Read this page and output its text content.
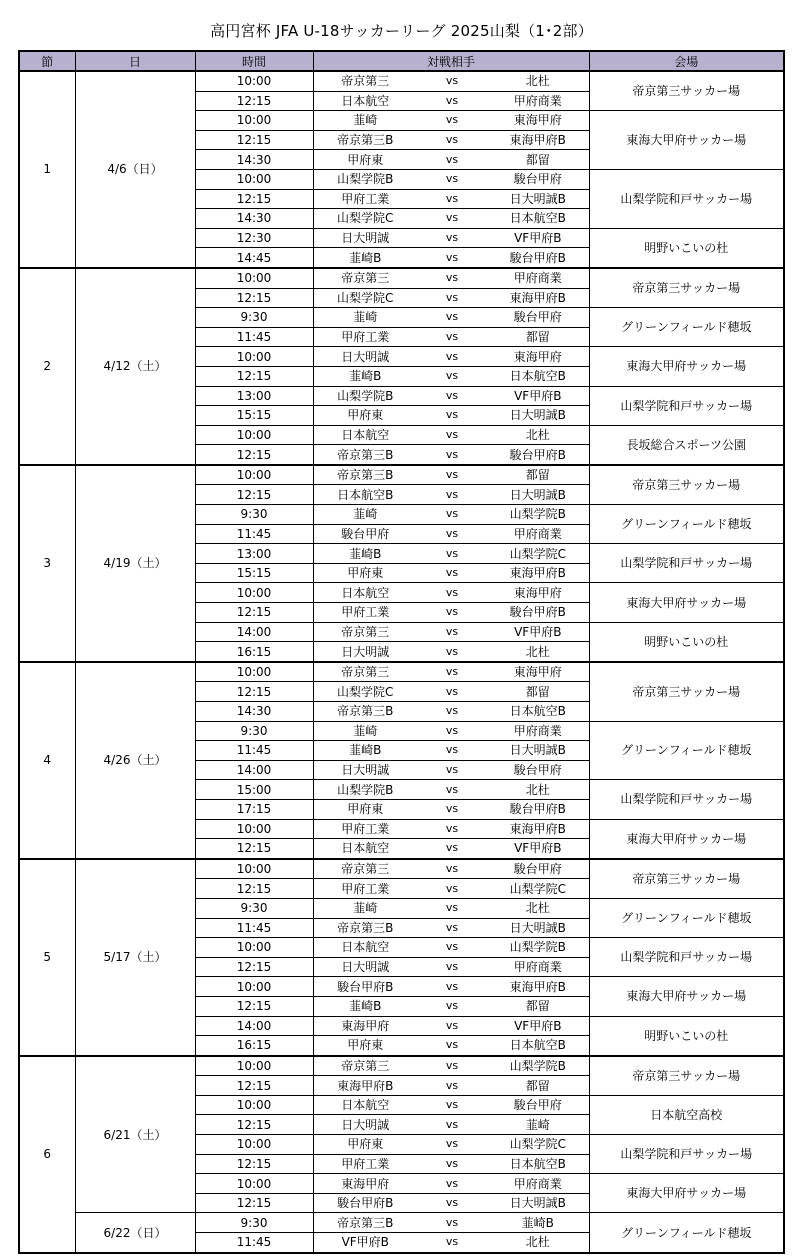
高円宮杯 JFA U-18サッカーリーグ 2025山梨（1･2部）
節	日	時間	対戦相手			会場
1	4/6（日）	10:00	帝京第三	vs	北杜	帝京第三サッカー場
		12:15	日本航空	vs	甲府商業	
		10:00	韮崎	vs	東海甲府	東海大甲府サッカー場
		12:15	帝京第三B	vs	東海甲府B	
		14:30	甲府東	vs	都留	
		10:00	山梨学院B	vs	駿台甲府	山梨学院和戸サッカー場
		12:15	甲府工業	vs	日大明誠B	
		14:30	山梨学院C	vs	日本航空B	
		12:30	日大明誠	vs	VF甲府B	明野いこいの杜
		14:45	韮崎B	vs	駿台甲府B	
2	4/12（土）	10:00	帝京第三	vs	甲府商業	帝京第三サッカー場
		12:15	山梨学院C	vs	東海甲府B	
		9:30	韮崎	vs	駿台甲府	グリーンフィールド穂坂
		11:45	甲府工業	vs	都留	
		10:00	日大明誠	vs	東海甲府	東海大甲府サッカー場
		12:15	韮崎B	vs	日本航空B	
		13:00	山梨学院B	vs	VF甲府B	山梨学院和戸サッカー場
		15:15	甲府東	vs	日大明誠B	
		10:00	日本航空	vs	北杜	長坂総合スポーツ公園
		12:15	帝京第三B	vs	駿台甲府B	
3	4/19（土）	10:00	帝京第三B	vs	都留	帝京第三サッカー場
		12:15	日本航空B	vs	日大明誠B	
		9:30	韮崎	vs	山梨学院B	グリーンフィールド穂坂
		11:45	駿台甲府	vs	甲府商業	
		13:00	韮崎B	vs	山梨学院C	山梨学院和戸サッカー場
		15:15	甲府東	vs	東海甲府B	
		10:00	日本航空	vs	東海甲府	東海大甲府サッカー場
		12:15	甲府工業	vs	駿台甲府B	
		14:00	帝京第三	vs	VF甲府B	明野いこいの杜
		16:15	日大明誠	vs	北杜	
4	4/26（土）	10:00	帝京第三	vs	東海甲府	帝京第三サッカー場
		12:15	山梨学院C	vs	都留	
		14:30	帝京第三B	vs	日本航空B	
		9:30	韮崎	vs	甲府商業	グリーンフィールド穂坂
		11:45	韮崎B	vs	日大明誠B	
		14:00	日大明誠	vs	駿台甲府	
		15:00	山梨学院B	vs	北杜	山梨学院和戸サッカー場
		17:15	甲府東	vs	駿台甲府B	
		10:00	甲府工業	vs	東海甲府B	東海大甲府サッカー場
		12:15	日本航空	vs	VF甲府B	
5	5/17（土）	10:00	帝京第三	vs	駿台甲府	帝京第三サッカー場
		12:15	甲府工業	vs	山梨学院C	
		9:30	韮崎	vs	北杜	グリーンフィールド穂坂
		11:45	帝京第三B	vs	日大明誠B	
		10:00	日本航空	vs	山梨学院B	山梨学院和戸サッカー場
		12:15	日大明誠	vs	甲府商業	
		10:00	駿台甲府B	vs	東海甲府B	東海大甲府サッカー場
		12:15	韮崎B	vs	都留	
		14:00	東海甲府	vs	VF甲府B	明野いこいの杜
		16:15	甲府東	vs	日本航空B	
6	6/21（土）	10:00	帝京第三	vs	山梨学院B	帝京第三サッカー場
		12:15	東海甲府B	vs	都留	
		10:00	日本航空	vs	駿台甲府	日本航空高校
		12:15	日大明誠	vs	韮崎	
		10:00	甲府東	vs	山梨学院C	山梨学院和戸サッカー場
		12:15	甲府工業	vs	日本航空B	
		10:00	東海甲府	vs	甲府商業	東海大甲府サッカー場
		12:15	駿台甲府B	vs	日大明誠B	
	6/22（日）	9:30	帝京第三B	vs	韮崎B	グリーンフィールド穂坂
		11:45	VF甲府B	vs	北杜	
